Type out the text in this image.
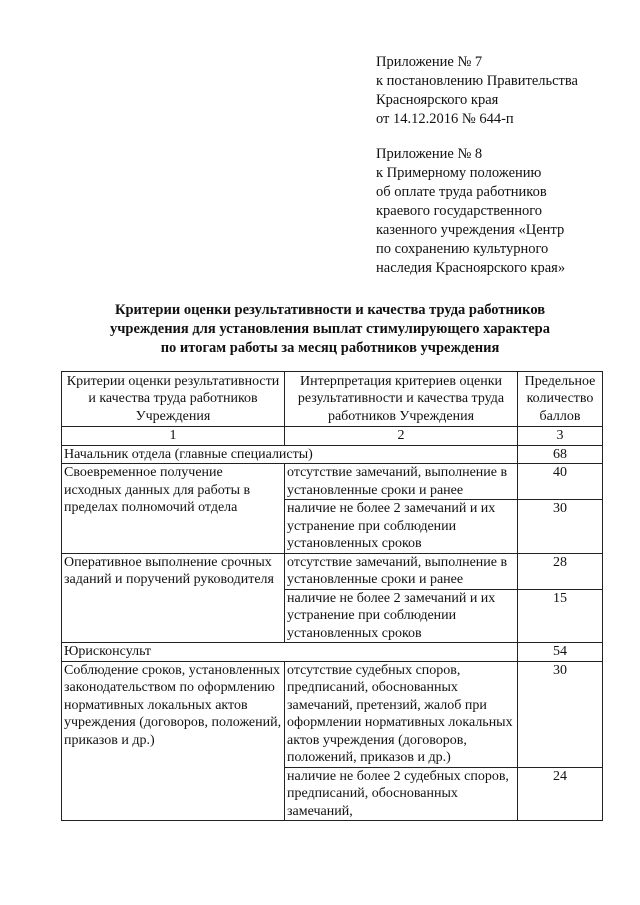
Приложение № 7
к постановлению Правительства
Красноярского края
от 14.12.2016 № 644-п
Приложение № 8
к Примерному положению
об оплате труда работников
краевого государственного
казенного учреждения «Центр
по сохранению культурного
наследия Красноярского края»
Критерии оценки результативности и качества труда работников
учреждения для установления выплат стимулирующего характера
по итогам работы за месяц работников учреждения
Критерии оценки результативности и качества труда работников Учреждения	Интерпретация критериев оценки результативности и качества труда работников Учреждения	Предельное количество баллов
1	2	3
Начальник отдела (главные специалисты)		68
Своевременное получение исходных данных для работы в пределах полномочий отдела	отсутствие замечаний, выполнение в установленные сроки и ранее	40
	наличие не более 2 замечаний и их устранение при соблюдении установленных сроков	30
Оперативное выполнение срочных заданий и поручений руководителя	отсутствие замечаний, выполнение в установленные сроки и ранее	28
	наличие не более 2 замечаний и их устранение при соблюдении установленных сроков	15
Юрисконсульт		54
Соблюдение сроков, установленных законодательством по оформлению нормативных локальных актов учреждения (договоров, положений, приказов и др.)	отсутствие судебных споров, предписаний, обоснованных замечаний, претензий, жалоб при оформлении нормативных локальных актов учреждения (договоров, положений, приказов и др.)	30
	наличие не более 2 судебных споров, предписаний, обоснованных замечаний,	24
